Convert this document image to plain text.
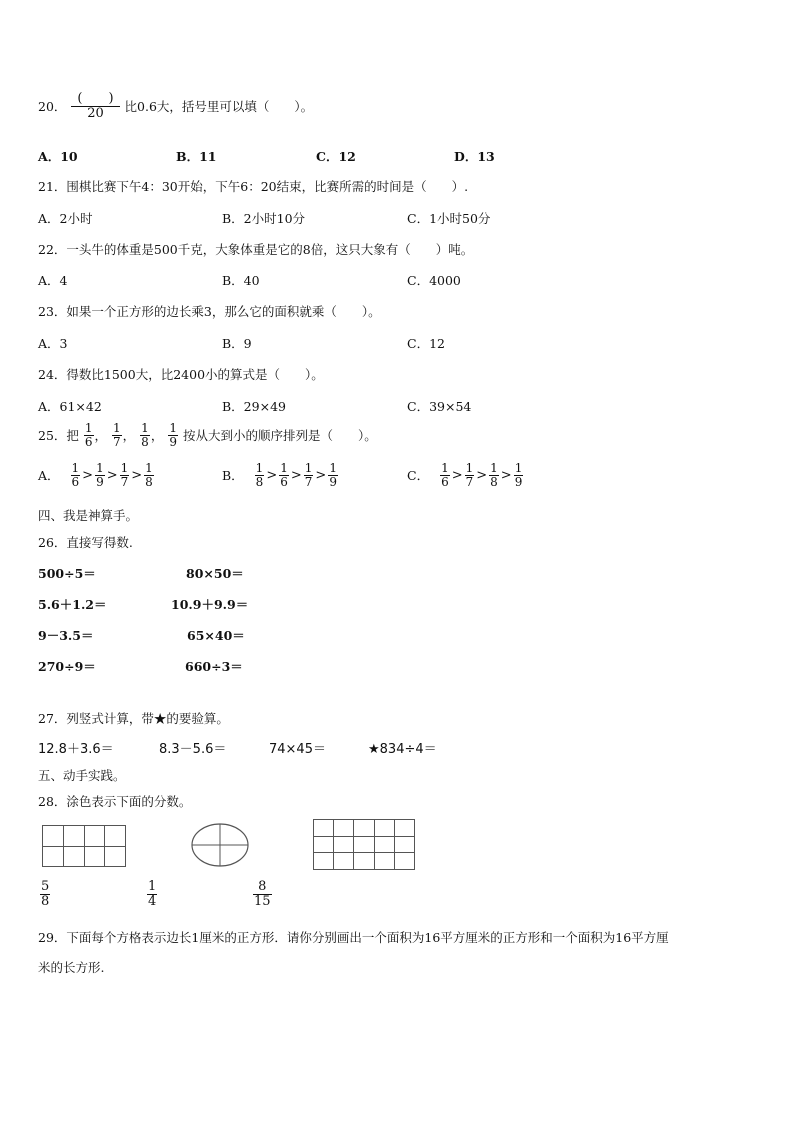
20． $\frac{( )}{20}$ 比0.6大，括号里可以填（　　）。
A．10	B．11	C．12	D．13
21．围棋比赛下午4：30开始，下午6：20结束，比赛所需的时间是（　　）.
A．2小时	B．2小时10分	C．1小时50分
22．一头牛的体重是500千克，大象体重是它的8倍，这只大象有（　　）吨。
A．4	B．40	C．4000
23．如果一个正方形的边长乘3，那么它的面积就乘（　　）。
A．3	B．9	C．12
24．得数比1500大，比2400小的算式是（　　）。
A．61×42	B．29×49	C．39×54
25．把 $\frac{1}{6}$ ， $\frac{1}{7}$ ， $\frac{1}{8}$ ， $\frac{1}{9}$ 按从大到小的顺序排列是（　　）。
A． $\frac{1}{6} > \frac{1}{9} > \frac{1}{7} > \frac{1}{8}$	B． $\frac{1}{8} > \frac{1}{6} > \frac{1}{7} > \frac{1}{9}$	C． $\frac{1}{6} > \frac{1}{7} > \frac{1}{8} > \frac{1}{9}$
四、我是神算手。
26．直接写得数.
500÷5＝	80×50＝
5.6＋1.2＝	10.9＋9.9＝
9－3.5＝	65×40＝
270÷9＝	660÷3＝
27．列竖式计算，带★的要验算。
12.8＋3.6＝	8.3－5.6＝	74×45＝	★834÷4＝
五、动手实践。
28．涂色表示下面的分数。

$\frac{5}{8}$	$\frac{1}{4}$	$\frac{8}{15}$
29．下面每个方格表示边长1厘米的正方形．请你分别画出一个面积为16平方厘米的正方形和一个面积为16平方厘
米的长方形.
